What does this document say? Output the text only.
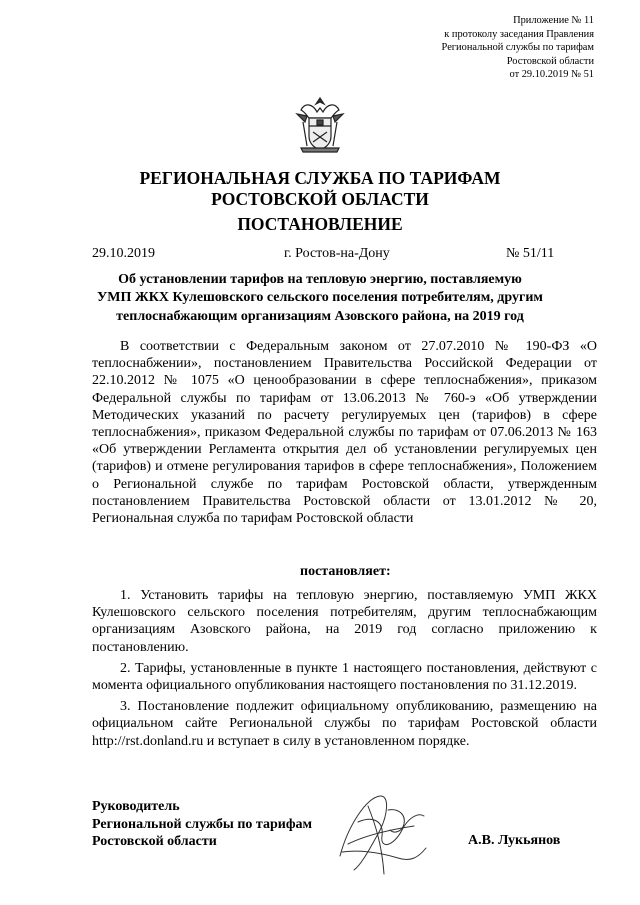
Приложение № 11
к протоколу заседания Правления
Региональной службы по тарифам
Ростовской области
от 29.10.2019 № 51
РЕГИОНАЛЬНАЯ СЛУЖБА ПО ТАРИФАМ
РОСТОВСКОЙ ОБЛАСТИ
ПОСТАНОВЛЕНИЕ
29.10.2019	г. Ростов-на-Дону	№ 51/11
Об установлении тарифов на тепловую энергию, поставляемую
УМП ЖКХ Кулешовского сельского поселения потребителям, другим
теплоснабжающим организациям Азовского района, на 2019 год
В соответствии с Федеральным законом от 27.07.2010 № 190-ФЗ «О теплоснабжении», постановлением Правительства Российской Федерации от 22.10.2012 № 1075 «О ценообразовании в сфере теплоснабжения», приказом Федеральной службы по тарифам от 13.06.2013 № 760-э «Об утверждении Методических указаний по расчету регулируемых цен (тарифов) в сфере теплоснабжения», приказом Федеральной службы по тарифам от 07.06.2013 № 163 «Об утверждении Регламента открытия дел об установлении регулируемых цен (тарифов) и отмене регулирования тарифов в сфере теплоснабжения», Положением о Региональной службе по тарифам Ростовской области, утвержденным постановлением Правительства Ростовской области от 13.01.2012 № 20, Региональная служба по тарифам Ростовской области
постановляет:
1. Установить тарифы на тепловую энергию, поставляемую УМП ЖКХ Кулешовского сельского поселения потребителям, другим теплоснабжающим организациям Азовского района, на 2019 год согласно приложению к постановлению.
2. Тарифы, установленные в пункте 1 настоящего постановления, действуют с момента официального опубликования настоящего постановления по 31.12.2019.
3. Постановление подлежит официальному опубликованию, размещению на официальном сайте Региональной службы по тарифам Ростовской области http://rst.donland.ru и вступает в силу в установленном порядке.
Руководитель
Региональной службы по тарифам
Ростовской области	А.В. Лукьянов
